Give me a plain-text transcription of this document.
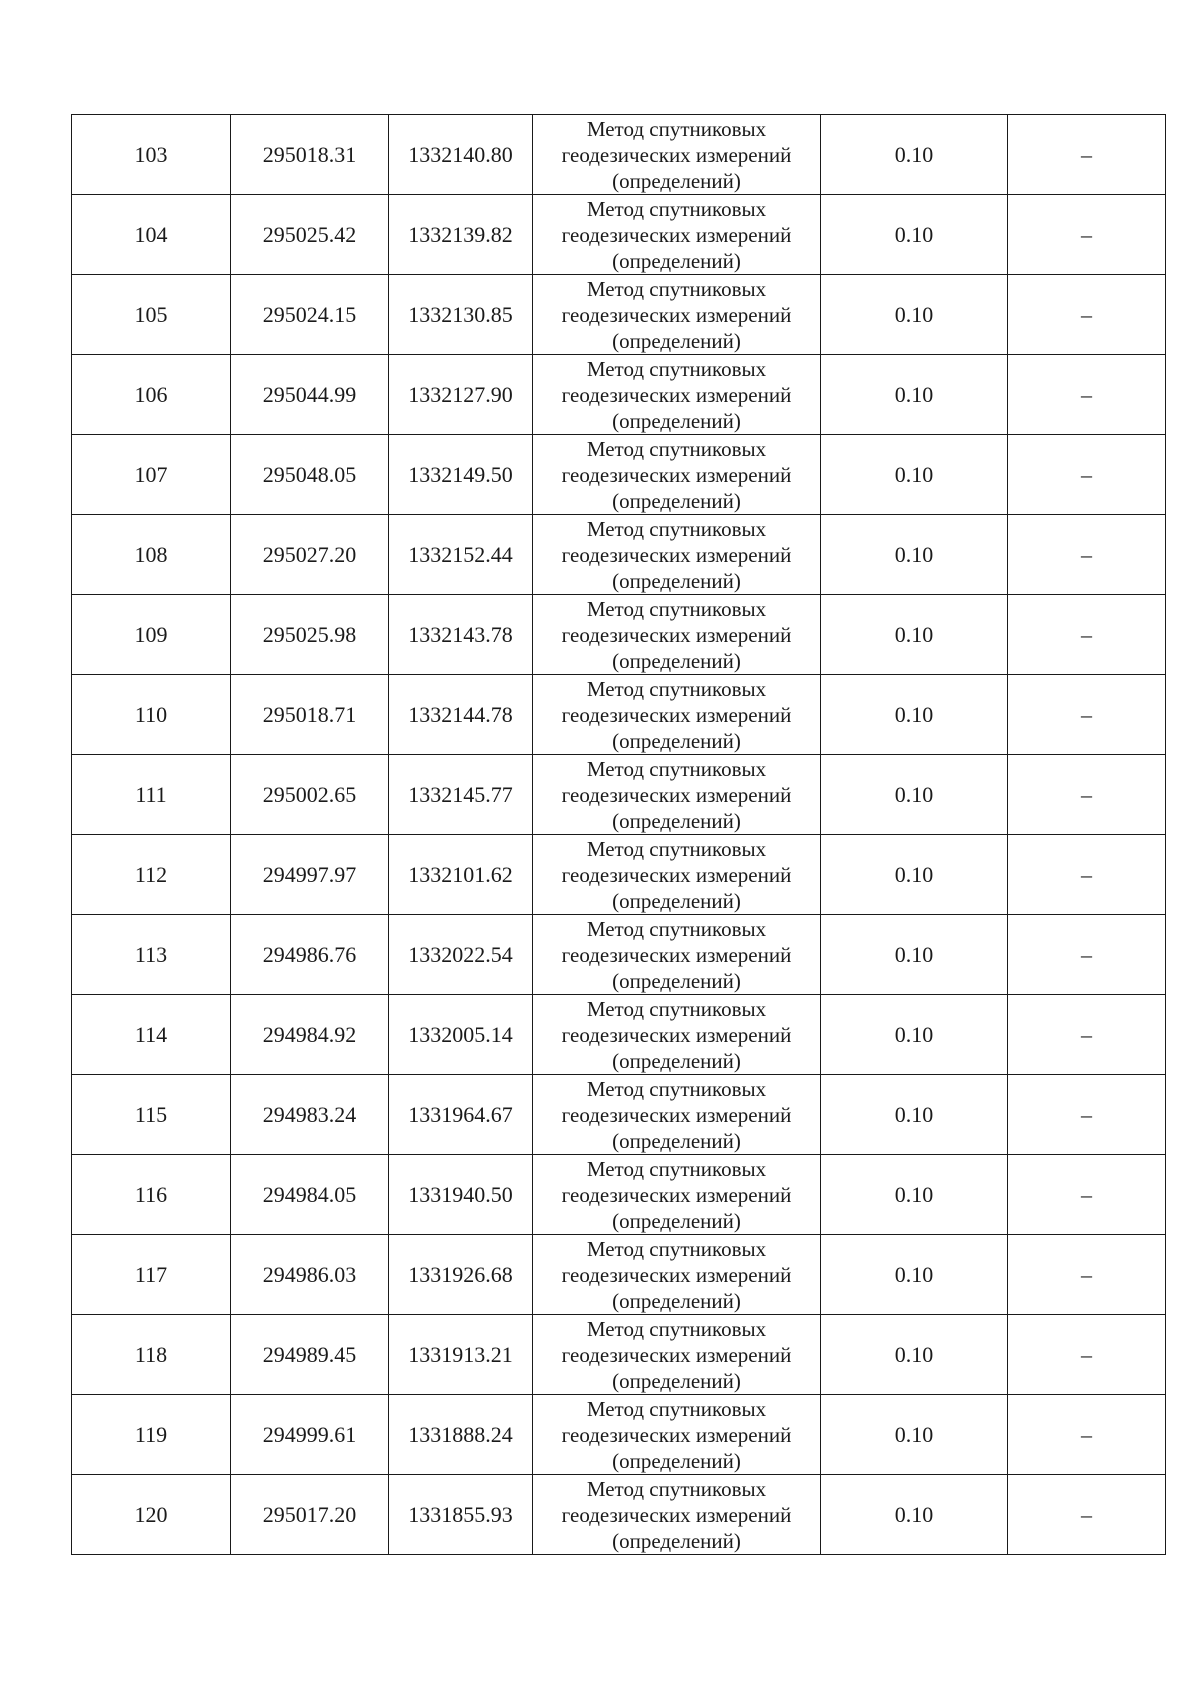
103	295018.31	1332140.80	Метод спутниковых геодезических измерений (определений)	0.10	–
104	295025.42	1332139.82	Метод спутниковых геодезических измерений (определений)	0.10	–
105	295024.15	1332130.85	Метод спутниковых геодезических измерений (определений)	0.10	–
106	295044.99	1332127.90	Метод спутниковых геодезических измерений (определений)	0.10	–
107	295048.05	1332149.50	Метод спутниковых геодезических измерений (определений)	0.10	–
108	295027.20	1332152.44	Метод спутниковых геодезических измерений (определений)	0.10	–
109	295025.98	1332143.78	Метод спутниковых геодезических измерений (определений)	0.10	–
110	295018.71	1332144.78	Метод спутниковых геодезических измерений (определений)	0.10	–
111	295002.65	1332145.77	Метод спутниковых геодезических измерений (определений)	0.10	–
112	294997.97	1332101.62	Метод спутниковых геодезических измерений (определений)	0.10	–
113	294986.76	1332022.54	Метод спутниковых геодезических измерений (определений)	0.10	–
114	294984.92	1332005.14	Метод спутниковых геодезических измерений (определений)	0.10	–
115	294983.24	1331964.67	Метод спутниковых геодезических измерений (определений)	0.10	–
116	294984.05	1331940.50	Метод спутниковых геодезических измерений (определений)	0.10	–
117	294986.03	1331926.68	Метод спутниковых геодезических измерений (определений)	0.10	–
118	294989.45	1331913.21	Метод спутниковых геодезических измерений (определений)	0.10	–
119	294999.61	1331888.24	Метод спутниковых геодезических измерений (определений)	0.10	–
120	295017.20	1331855.93	Метод спутниковых геодезических измерений (определений)	0.10	–
